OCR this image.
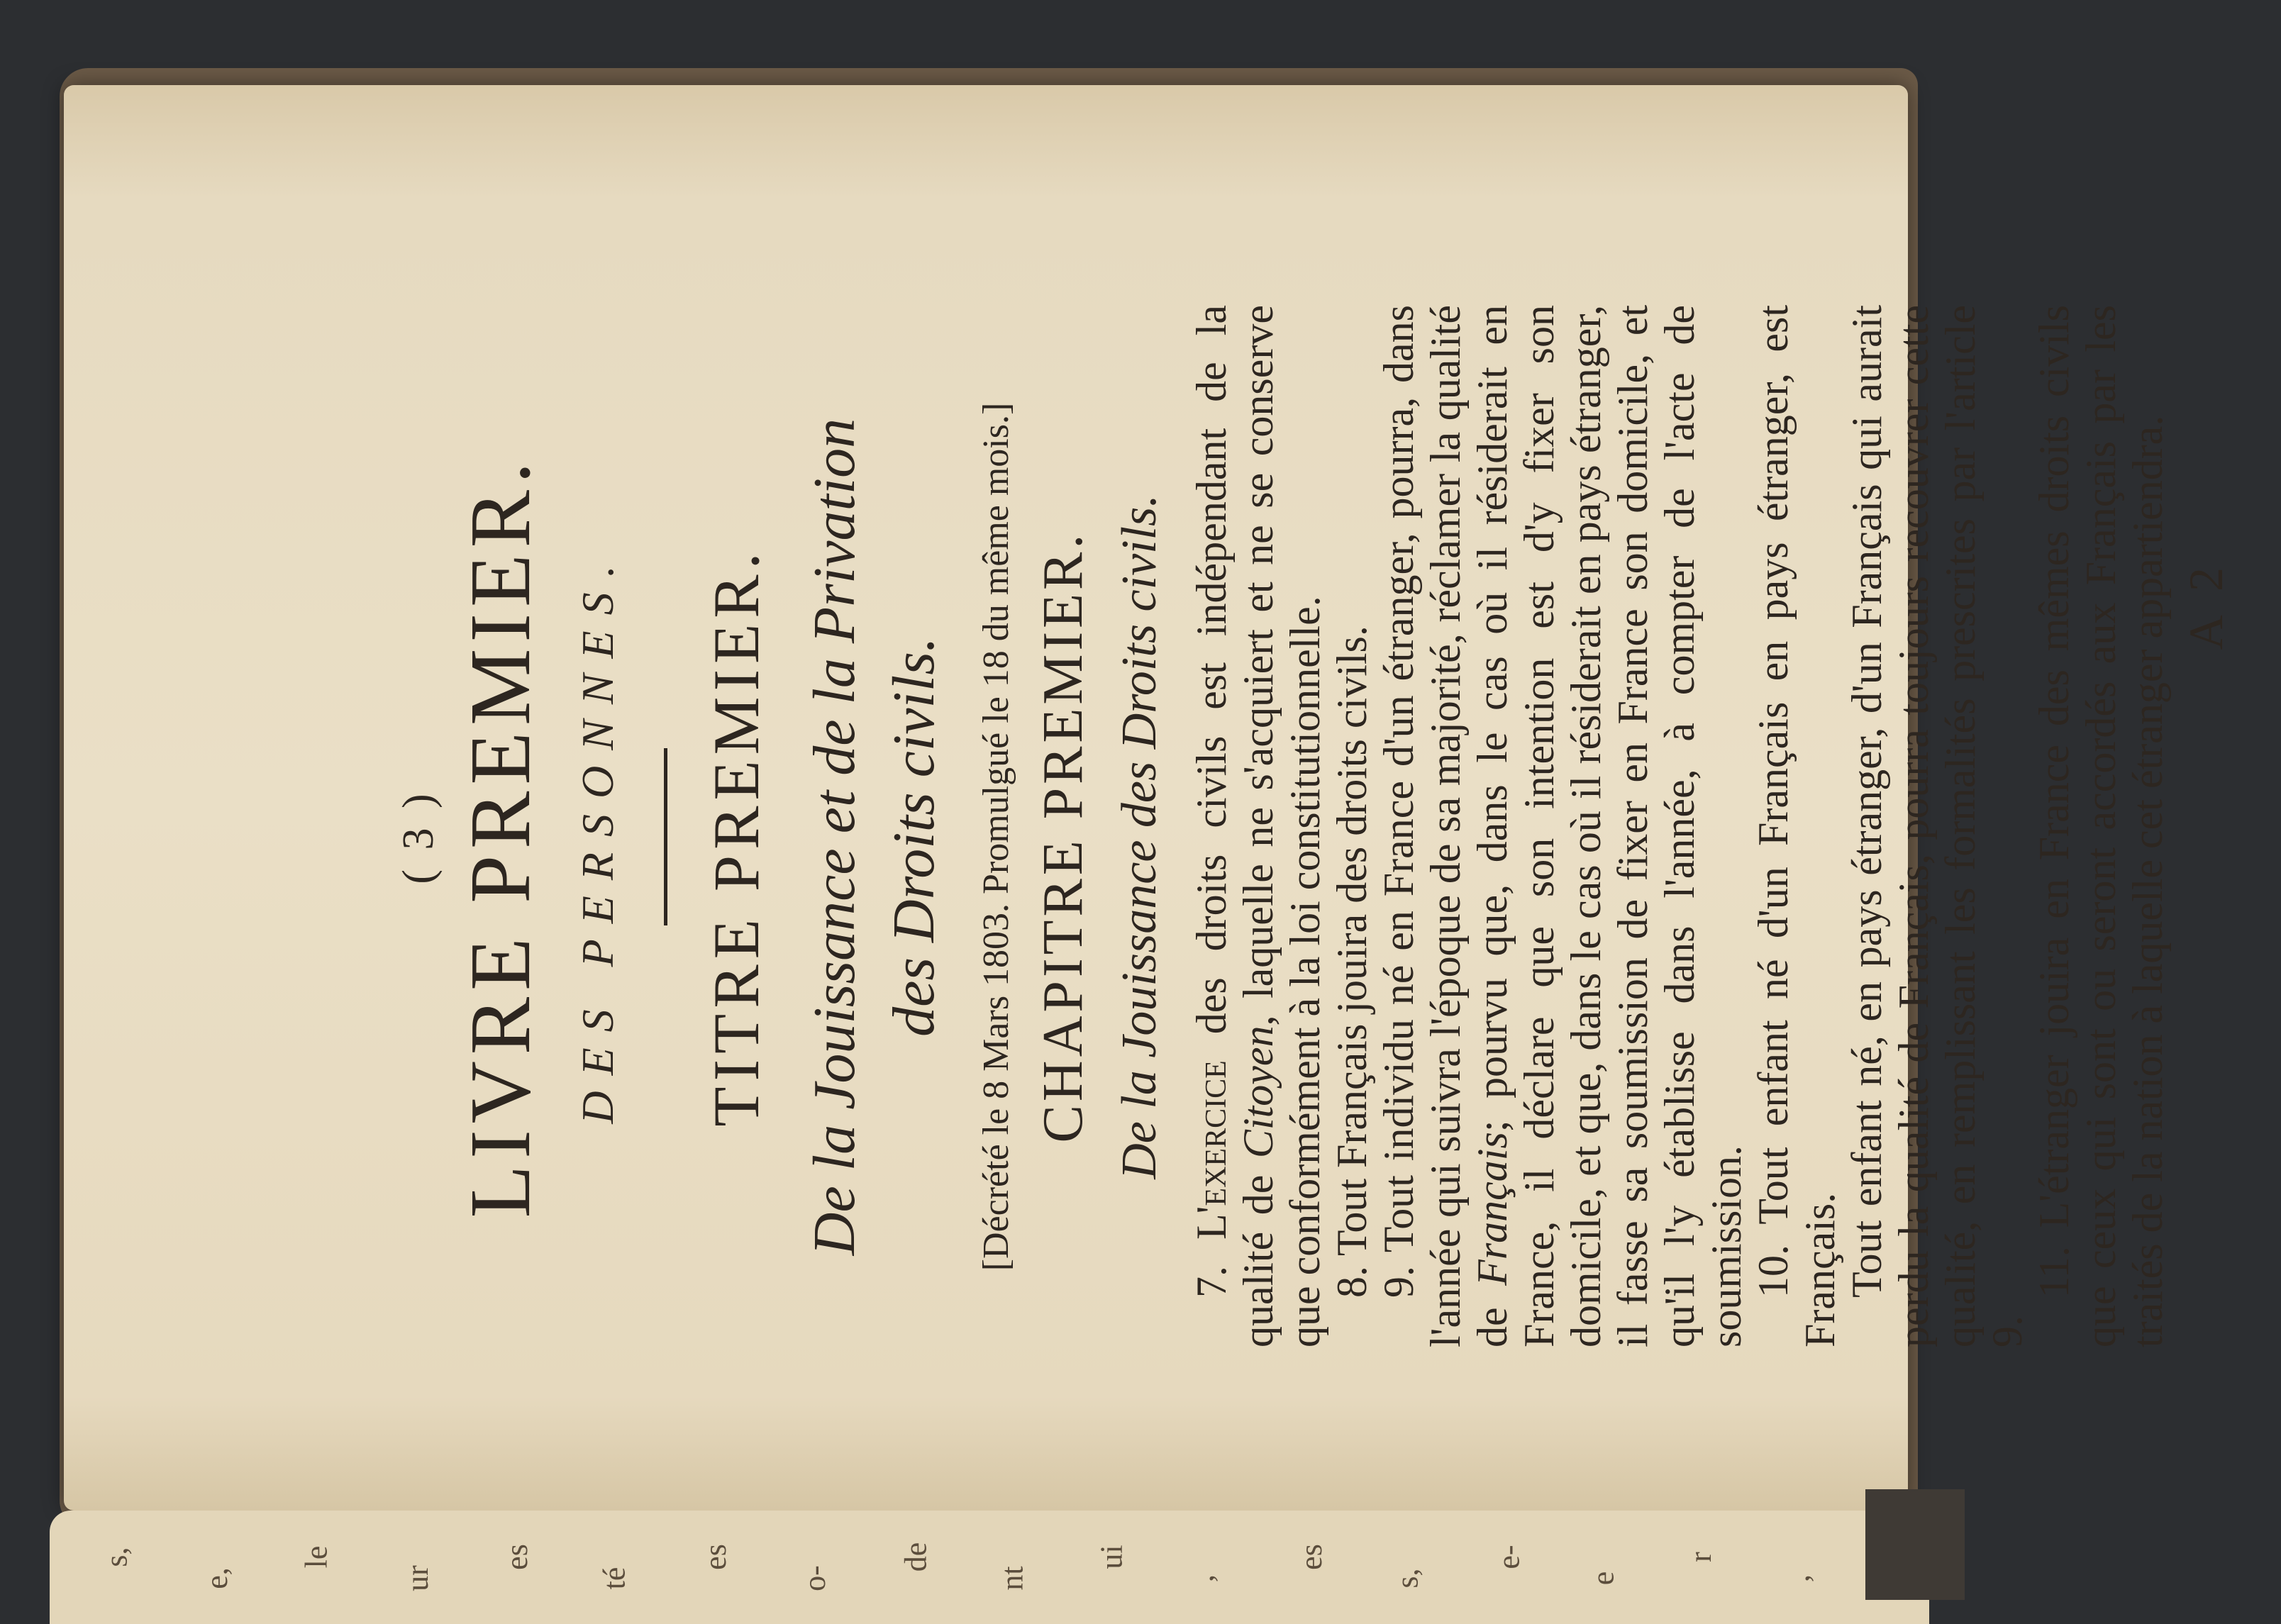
( 3 ) LIVRE PREMIER. DES PERSONNES. TITRE PREMIER. De la Jouissance et de la Privation des Droits civils. [Décrété le 8 Mars 1803. Promulgué le 18 du même mois.] CHAPITRE PREMIER. De la Jouissance des Droits civils.

7. L'exercice des droits civils est indépendant de la qualité de Citoyen, laquelle ne s'acquiert et ne se conserve que conformément à la loi constitutionnelle. 8. Tout Français jouira des droits civils. 9. Tout individu né en France d'un étranger, pourra, dans l'année qui suivra l'époque de sa majorité, réclamer la qualité de Français; pourvu que, dans le cas où il résiderait en France, il déclare que son intention est d'y fixer son domicile, et que, dans le cas où il résiderait en pays étranger, il fasse sa soumission de fixer en France son domicile, et qu'il l'y établisse dans l'année, à compter de l'acte de soumission. 10. Tout enfant né d'un Français en pays étranger, est Français. Tout enfant né, en pays étranger, d'un Français qui aurait perdu la qualité de Français, pourra toujours recouvrer cette qualité, en remplissant les formalités prescrites par l'article 9.

11. L'étranger jouira en France des mêmes droits civils que ceux qui sont ou seront accordés aux Français par les traités de la nation à laquelle cet étranger appartiendra. A 2
s,
e,
le
ur
es
té
es
o-
de
nt
ui
,
es
s,
e-
e
r
,
